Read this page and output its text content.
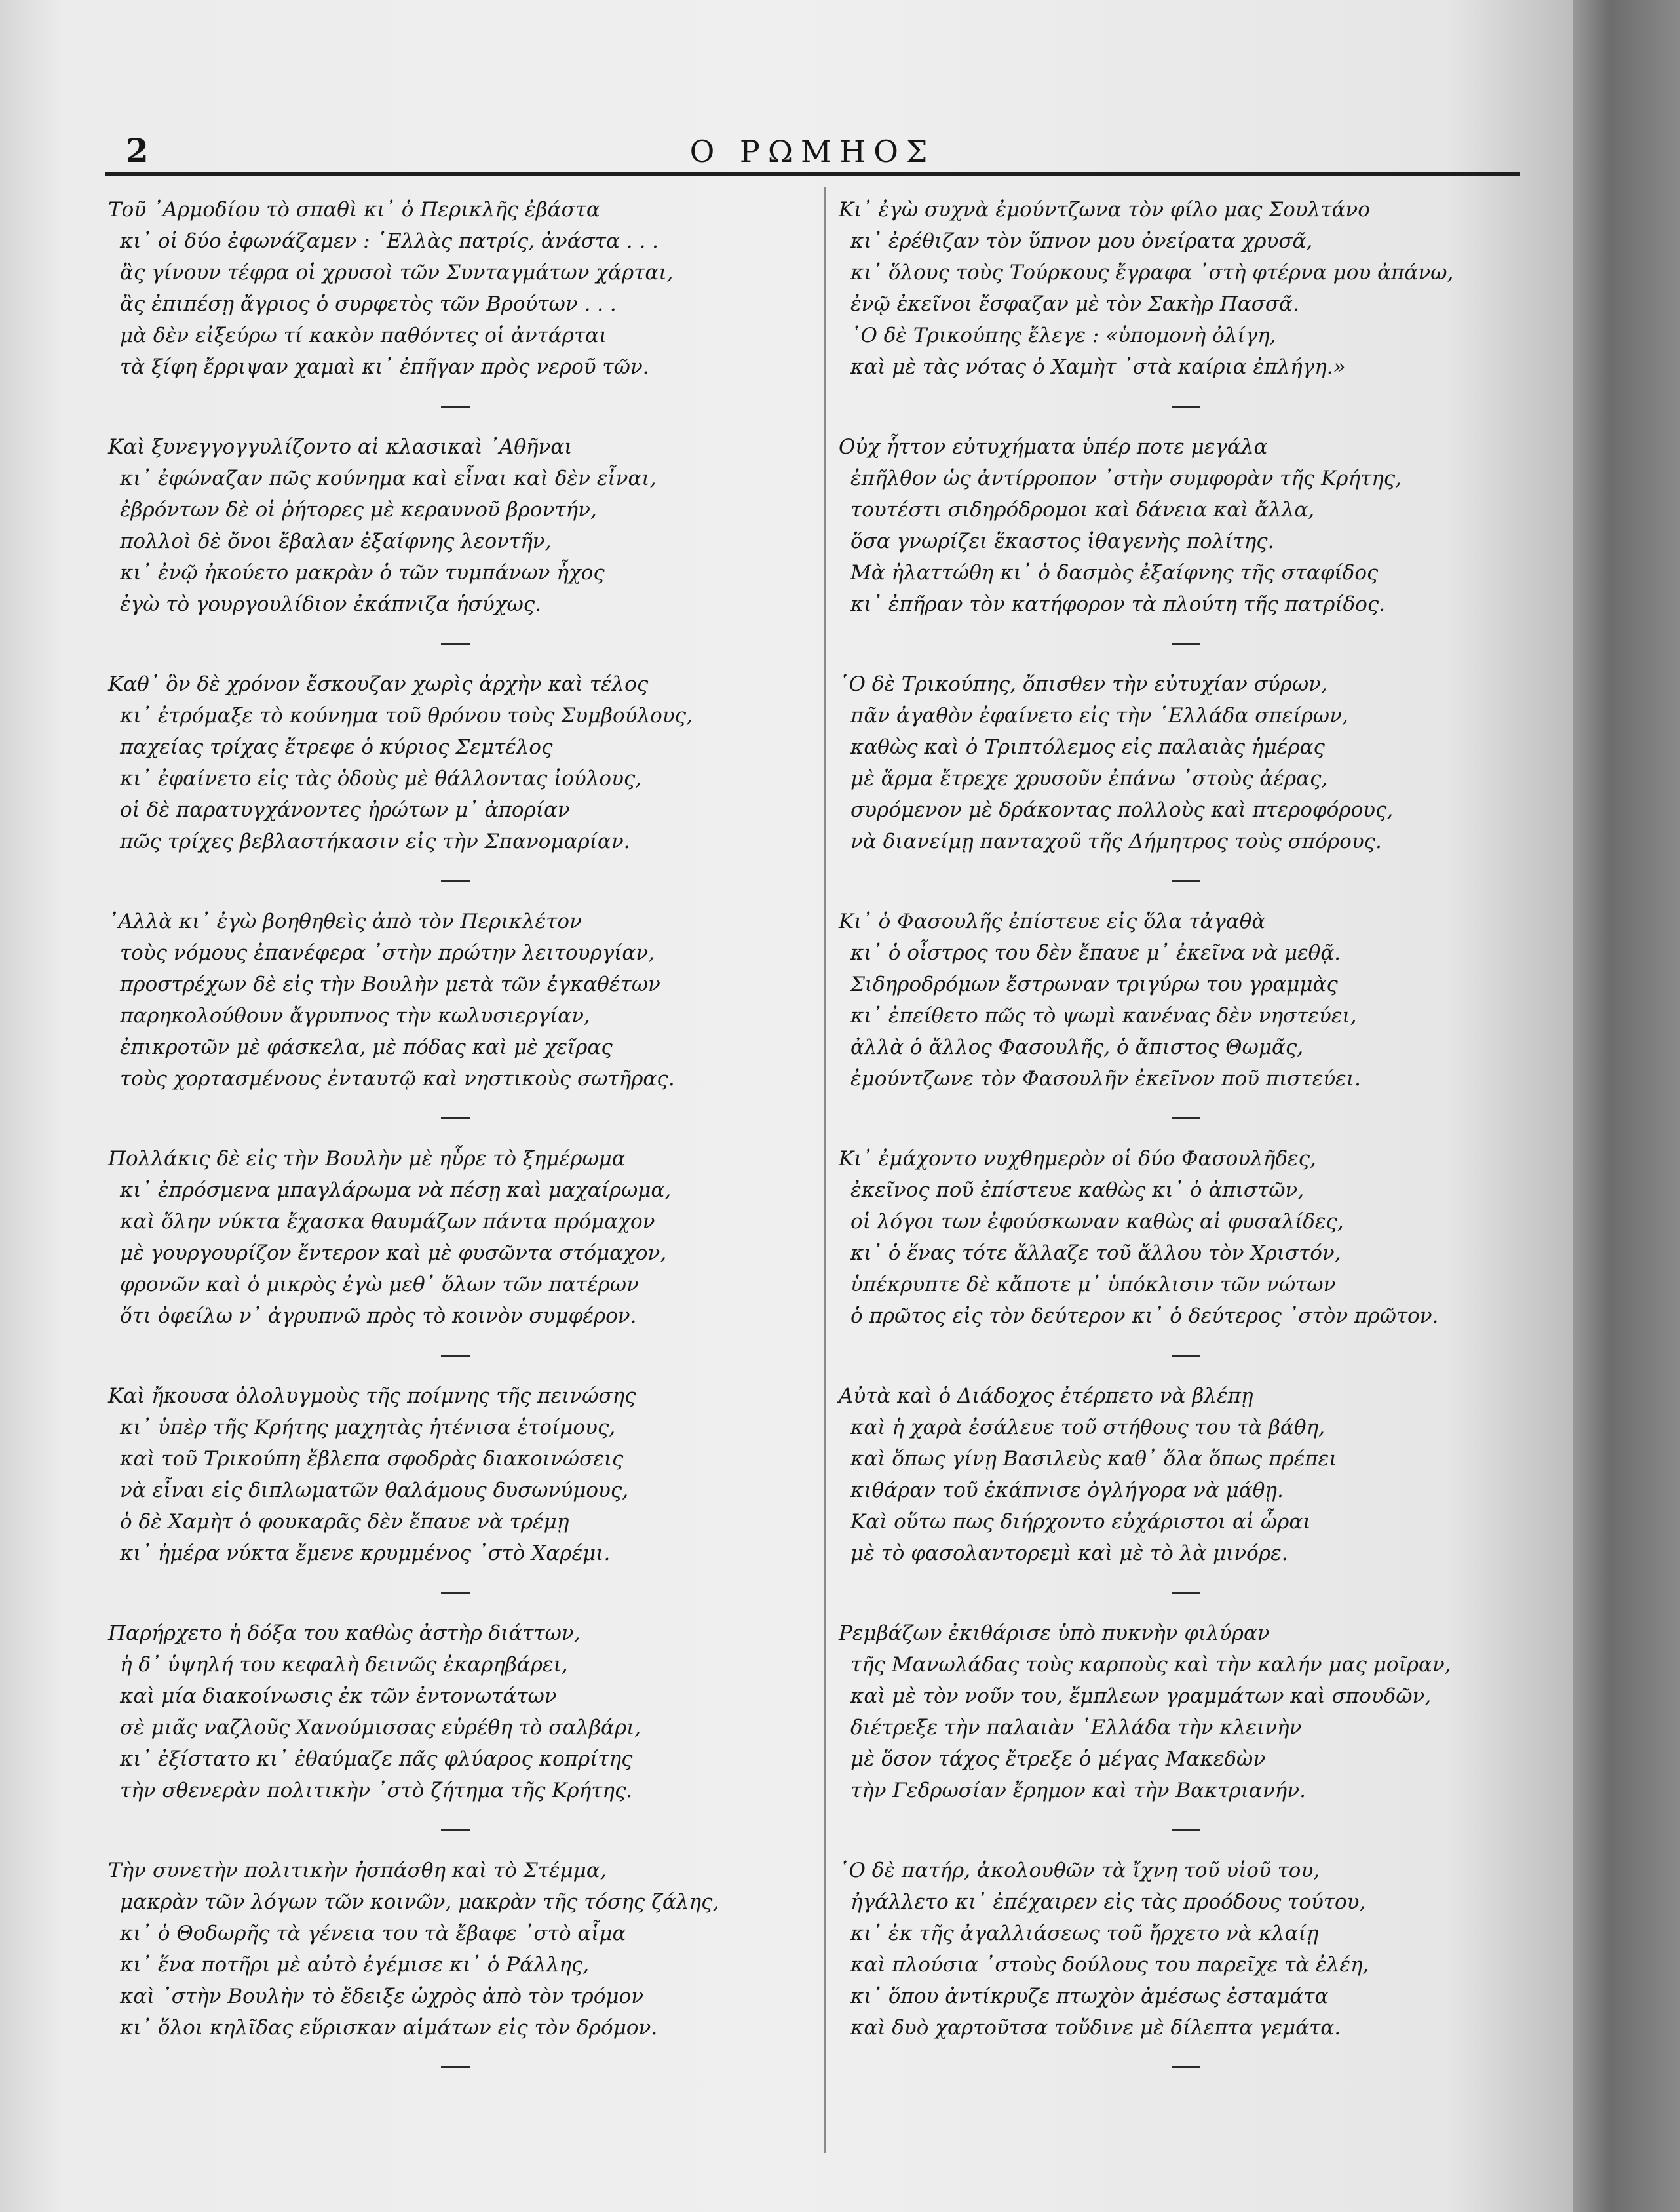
2	Ο ΡΩΜΗΟΣ
Τοῦ ᾿Αρμοδίου τὸ σπαθὶ κι᾿ ὁ Περικλῆς ἐβάστα
κι᾿ οἱ δύο ἐφωνάζαμεν : ῾Ελλὰς πατρίς, ἀνάστα . . .
ἂς γίνουν τέφρα οἱ χρυσοὶ τῶν Συνταγμάτων χάρται,
ἂς ἐπιπέσῃ ἄγριος ὁ συρφετὸς τῶν Βρούτων . . .
μὰ δὲν εἰξεύρω τί κακὸν παθόντες οἱ ἀντάρται
τὰ ξίφη ἔρριψαν χαμαὶ κι᾿ ἐπῆγαν πρὸς νεροῦ τῶν.
Καὶ ξυνεγγογγυλίζοντο αἱ κλασικαὶ ᾿Αθῆναι
κι᾿ ἐφώναζαν πῶς κούνημα καὶ εἶναι καὶ δὲν εἶναι,
ἐβρόντων δὲ οἱ ῥήτορες μὲ κεραυνοῦ βροντήν,
πολλοὶ δὲ ὄνοι ἔβαλαν ἐξαίφνης λεοντῆν,
κι᾿ ἐνῷ ἠκούετο μακρὰν ὁ τῶν τυμπάνων ἦχος
ἐγὼ τὸ γουργουλίδιον ἐκάπνιζα ἡσύχως.
Καθ᾿ ὃν δὲ χρόνον ἔσκουζαν χωρὶς ἀρχὴν καὶ τέλος
κι᾿ ἐτρόμαξε τὸ κούνημα τοῦ θρόνου τοὺς Συμβούλους,
παχείας τρίχας ἔτρεφε ὁ κύριος Σεμτέλος
κι᾿ ἐφαίνετο εἰς τὰς ὁδοὺς μὲ θάλλοντας ἰούλους,
οἱ δὲ παρατυγχάνοντες ἠρώτων μ᾿ ἀπορίαν
πῶς τρίχες βεβλαστήκασιν εἰς τὴν Σπανομαρίαν.
᾿Αλλὰ κι᾿ ἐγὼ βοηθηθεὶς ἀπὸ τὸν Περικλέτον
τοὺς νόμους ἐπανέφερα ᾿στὴν πρώτην λειτουργίαν,
προστρέχων δὲ εἰς τὴν Βουλὴν μετὰ τῶν ἐγκαθέτων
παρηκολούθουν ἄγρυπνος τὴν κωλυσιεργίαν,
ἐπικροτῶν μὲ φάσκελα, μὲ πόδας καὶ μὲ χεῖρας
τοὺς χορτασμένους ἐνταυτῷ καὶ νηστικοὺς σωτῆρας.
Πολλάκις δὲ εἰς τὴν Βουλὴν μὲ ηὗρε τὸ ξημέρωμα
κι᾿ ἐπρόσμενα μπαγλάρωμα νὰ πέσῃ καὶ μαχαίρωμα,
καὶ ὅλην νύκτα ἔχασκα θαυμάζων πάντα πρόμαχον
μὲ γουργουρίζον ἔντερον καὶ μὲ φυσῶντα στόμαχον,
φρονῶν καὶ ὁ μικρὸς ἐγὼ μεθ᾿ ὅλων τῶν πατέρων
ὅτι ὀφείλω ν᾿ ἀγρυπνῶ πρὸς τὸ κοινὸν συμφέρον.
Καὶ ἤκουσα ὀλολυγμοὺς τῆς ποίμνης τῆς πεινώσης
κι᾿ ὑπὲρ τῆς Κρήτης μαχητὰς ἠτένισα ἑτοίμους,
καὶ τοῦ Τρικούπη ἔβλεπα σφοδρὰς διακοινώσεις
νὰ εἶναι εἰς διπλωματῶν θαλάμους δυσωνύμους,
ὁ δὲ Χαμὴτ ὁ φουκαρᾶς δὲν ἔπαυε νὰ τρέμῃ
κι᾿ ἡμέρα νύκτα ἔμενε κρυμμένος ᾿στὸ Χαρέμι.
Παρήρχετο ἡ δόξα του καθὼς ἀστὴρ διάττων,
ἡ δ᾿ ὑψηλή του κεφαλὴ δεινῶς ἐκαρηβάρει,
καὶ μία διακοίνωσις ἐκ τῶν ἐντονωτάτων
σὲ μιᾶς ναζλοῦς Χανούμισσας εὑρέθη τὸ σαλβάρι,
κι᾿ ἐξίστατο κι᾿ ἐθαύμαζε πᾶς φλύαρος κοπρίτης
τὴν σθενερὰν πολιτικὴν ᾿στὸ ζήτημα τῆς Κρήτης.
Τὴν συνετὴν πολιτικὴν ἠσπάσθη καὶ τὸ Στέμμα,
μακρὰν τῶν λόγων τῶν κοινῶν, μακρὰν τῆς τόσης ζάλης,
κι᾿ ὁ Θοδωρῆς τὰ γένεια του τὰ ἔβαφε ᾿στὸ αἷμα
κι᾿ ἕνα ποτῆρι μὲ αὐτὸ ἐγέμισε κι᾿ ὁ Ράλλης,
καὶ ᾿στὴν Βουλὴν τὸ ἔδειξε ὠχρὸς ἀπὸ τὸν τρόμον
κι᾿ ὅλοι κηλῖδας εὕρισκαν αἱμάτων εἰς τὸν δρόμον.
Κι᾿ ἐγὼ συχνὰ ἐμούντζωνα τὸν φίλο μας Σουλτάνο
κι᾿ ἐρέθιζαν τὸν ὕπνον μου ὀνείρατα χρυσᾶ,
κι᾿ ὅλους τοὺς Τούρκους ἔγραφα ᾿στὴ φτέρνα μου ἀπάνω,
ἐνῷ ἐκεῖνοι ἔσφαζαν μὲ τὸν Σακὴρ Πασσᾶ.
῾Ο δὲ Τρικούπης ἔλεγε : «ὑπομονὴ ὀλίγη,
καὶ μὲ τὰς νότας ὁ Χαμὴτ ᾿στὰ καίρια ἐπλήγη.»
Οὐχ ἧττον εὐτυχήματα ὑπέρ ποτε μεγάλα
ἐπῆλθον ὡς ἀντίρροπον ᾿στὴν συμφορὰν τῆς Κρήτης,
τουτέστι σιδηρόδρομοι καὶ δάνεια καὶ ἄλλα,
ὅσα γνωρίζει ἕκαστος ἰθαγενὴς πολίτης.
Μὰ ἠλαττώθη κι᾿ ὁ δασμὸς ἐξαίφνης τῆς σταφίδος
κι᾿ ἐπῆραν τὸν κατήφορον τὰ πλούτη τῆς πατρίδος.
῾Ο δὲ Τρικούπης, ὄπισθεν τὴν εὐτυχίαν σύρων,
πᾶν ἀγαθὸν ἐφαίνετο εἰς τὴν ῾Ελλάδα σπείρων,
καθὼς καὶ ὁ Τριπτόλεμος εἰς παλαιὰς ἡμέρας
μὲ ἅρμα ἔτρεχε χρυσοῦν ἐπάνω ᾿στοὺς ἀέρας,
συρόμενον μὲ δράκοντας πολλοὺς καὶ πτεροφόρους,
νὰ διανείμῃ πανταχοῦ τῆς Δήμητρος τοὺς σπόρους.
Κι᾿ ὁ Φασουλῆς ἐπίστευε εἰς ὅλα τἀγαθὰ
κι᾿ ὁ οἶστρος του δὲν ἔπαυε μ᾿ ἐκεῖνα νὰ μεθᾷ.
Σιδηροδρόμων ἔστρωναν τριγύρω του γραμμὰς
κι᾿ ἐπείθετο πῶς τὸ ψωμὶ κανένας δὲν νηστεύει,
ἀλλὰ ὁ ἄλλος Φασουλῆς, ὁ ἄπιστος Θωμᾶς,
ἐμούντζωνε τὸν Φασουλῆν ἐκεῖνον ποῦ πιστεύει.
Κι᾿ ἐμάχοντο νυχθημερὸν οἱ δύο Φασουλῆδες,
ἐκεῖνος ποῦ ἐπίστευε καθὼς κι᾿ ὁ ἀπιστῶν,
οἱ λόγοι των ἐφούσκωναν καθὼς αἱ φυσαλίδες,
κι᾿ ὁ ἕνας τότε ἄλλαζε τοῦ ἄλλου τὸν Χριστόν,
ὑπέκρυπτε δὲ κἄποτε μ᾿ ὑπόκλισιν τῶν νώτων
ὁ πρῶτος εἰς τὸν δεύτερον κι᾿ ὁ δεύτερος ᾿στὸν πρῶτον.
Αὐτὰ καὶ ὁ Διάδοχος ἐτέρπετο νὰ βλέπῃ
καὶ ἡ χαρὰ ἐσάλευε τοῦ στήθους του τὰ βάθη,
καὶ ὅπως γίνῃ Βασιλεὺς καθ᾿ ὅλα ὅπως πρέπει
κιθάραν τοῦ ἐκάπνισε ὀγλήγορα νὰ μάθῃ.
Καὶ οὕτω πως διήρχοντο εὐχάριστοι αἱ ὧραι
μὲ τὸ φασολαντορεμὶ καὶ μὲ τὸ λὰ μινόρε.
Ρεμβάζων ἐκιθάρισε ὑπὸ πυκνὴν φιλύραν
τῆς Μανωλάδας τοὺς καρποὺς καὶ τὴν καλήν μας μοῖραν,
καὶ μὲ τὸν νοῦν του, ἔμπλεων γραμμάτων καὶ σπουδῶν,
διέτρεξε τὴν παλαιὰν ῾Ελλάδα τὴν κλεινὴν
μὲ ὅσον τάχος ἔτρεξε ὁ μέγας Μακεδὼν
τὴν Γεδρωσίαν ἔρημον καὶ τὴν Βακτριανήν.
῾Ο δὲ πατήρ, ἀκολουθῶν τὰ ἴχνη τοῦ υἱοῦ του,
ἠγάλλετο κι᾿ ἐπέχαιρεν εἰς τὰς προόδους τούτου,
κι᾿ ἐκ τῆς ἀγαλλιάσεως τοῦ ἤρχετο νὰ κλαίῃ
καὶ πλούσια ᾿στοὺς δούλους του παρεῖχε τὰ ἐλέη,
κι᾿ ὅπου ἀντίκρυζε πτωχὸν ἀμέσως ἐσταμάτα
καὶ δυὸ χαρτοῦτσα τοὔδινε μὲ δίλεπτα γεμάτα.
